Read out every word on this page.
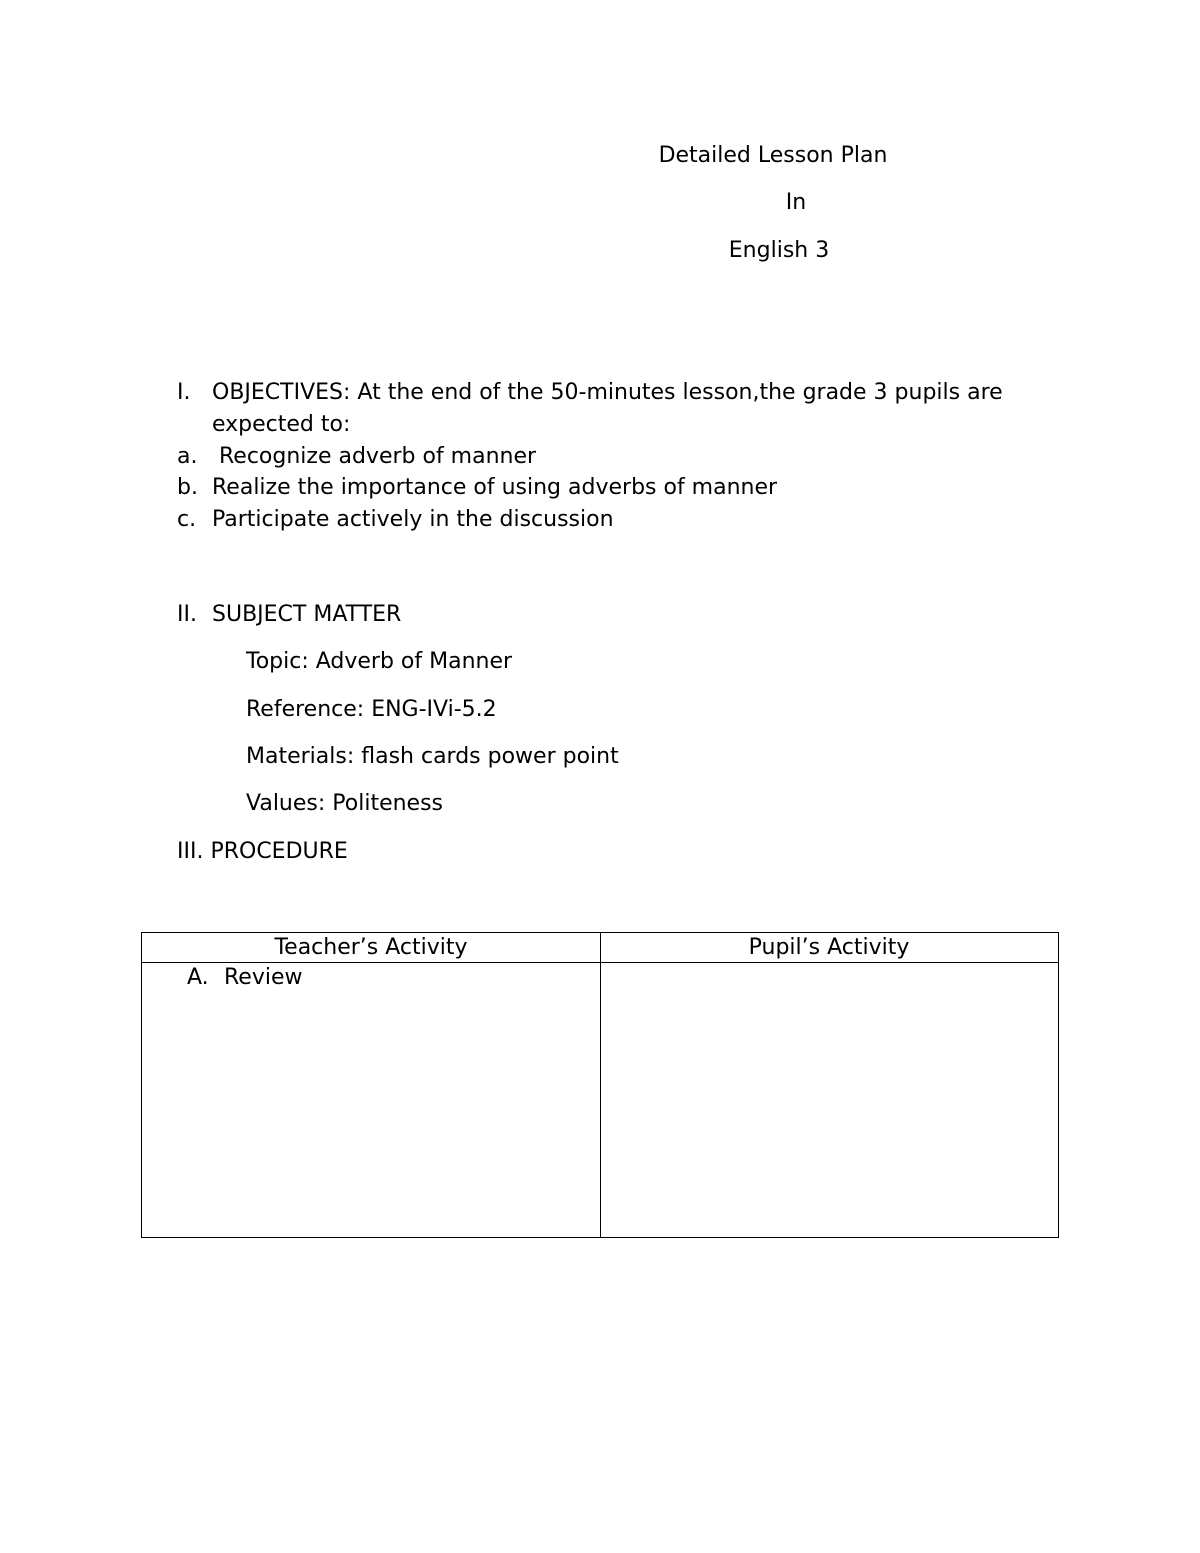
Detailed Lesson Plan
In
English 3
I. OBJECTIVES: At the end of the 50-minutes lesson,the grade 3 pupils are
expected to:
a. Recognize adverb of manner
b. Realize the importance of using adverbs of manner
c. Participate actively in the discussion
II. SUBJECT MATTER
Topic: Adverb of Manner
Reference: ENG-IVi-5.2
Materials: flash cards power point
Values: Politeness
III. PROCEDURE
Teacher’s Activity	Pupil’s Activity
A. Review
